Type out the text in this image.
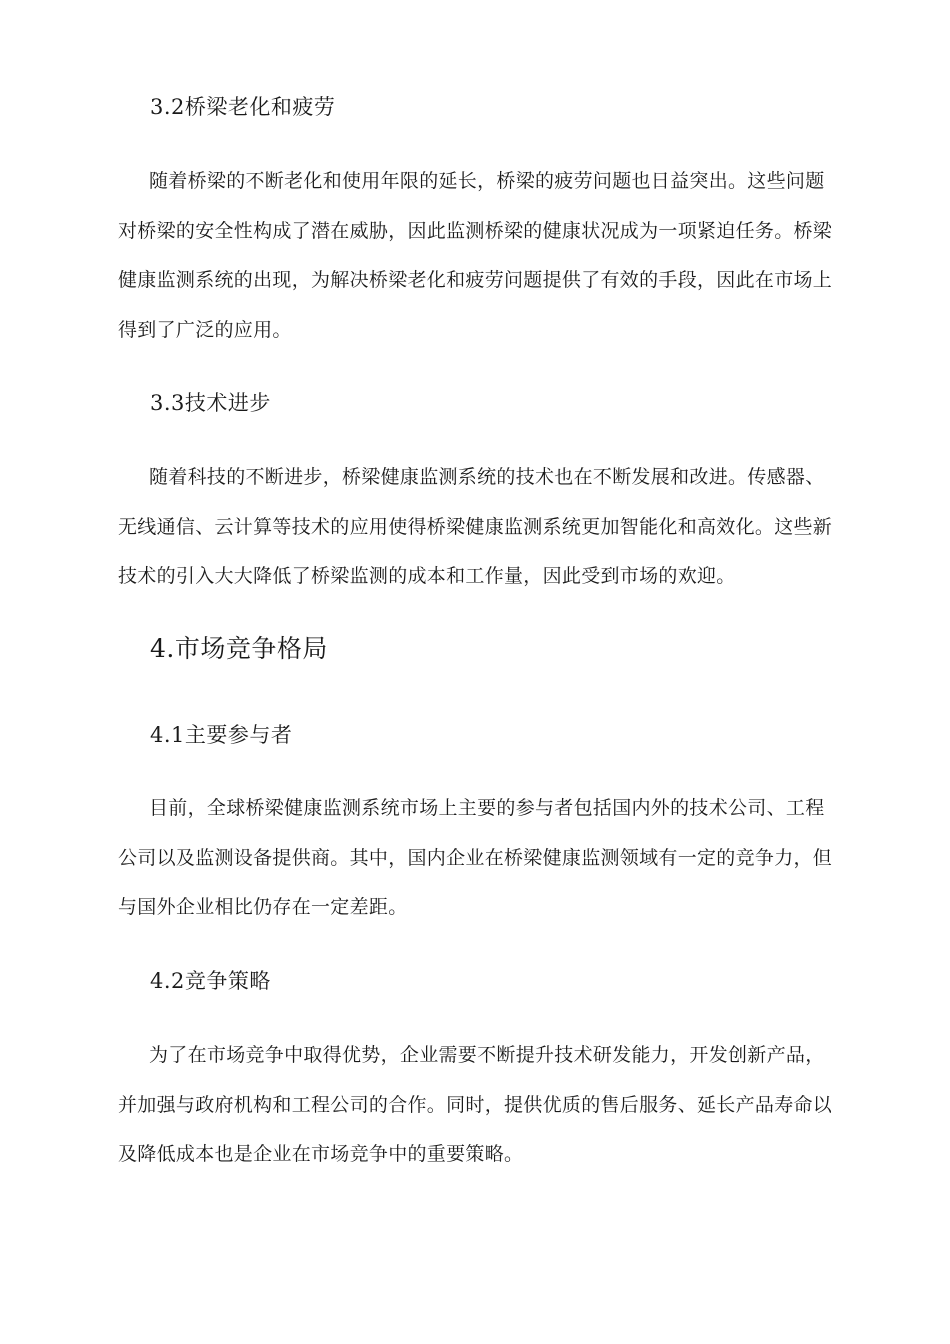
3.2桥梁老化和疲劳
随着桥梁的不断老化和使用年限的延长，桥梁的疲劳问题也日益突出。这些问题
对桥梁的安全性构成了潜在威胁，因此监测桥梁的健康状况成为一项紧迫任务。桥梁
健康监测系统的出现，为解决桥梁老化和疲劳问题提供了有效的手段，因此在市场上
得到了广泛的应用。
3.3技术进步
随着科技的不断进步，桥梁健康监测系统的技术也在不断发展和改进。传感器、
无线通信、云计算等技术的应用使得桥梁健康监测系统更加智能化和高效化。这些新
技术的引入大大降低了桥梁监测的成本和工作量，因此受到市场的欢迎。
4.市场竞争格局
4.1主要参与者
目前，全球桥梁健康监测系统市场上主要的参与者包括国内外的技术公司、工程
公司以及监测设备提供商。其中，国内企业在桥梁健康监测领域有一定的竞争力，但
与国外企业相比仍存在一定差距。
4.2竞争策略
为了在市场竞争中取得优势，企业需要不断提升技术研发能力，开发创新产品，
并加强与政府机构和工程公司的合作。同时，提供优质的售后服务、延长产品寿命以
及降低成本也是企业在市场竞争中的重要策略。
